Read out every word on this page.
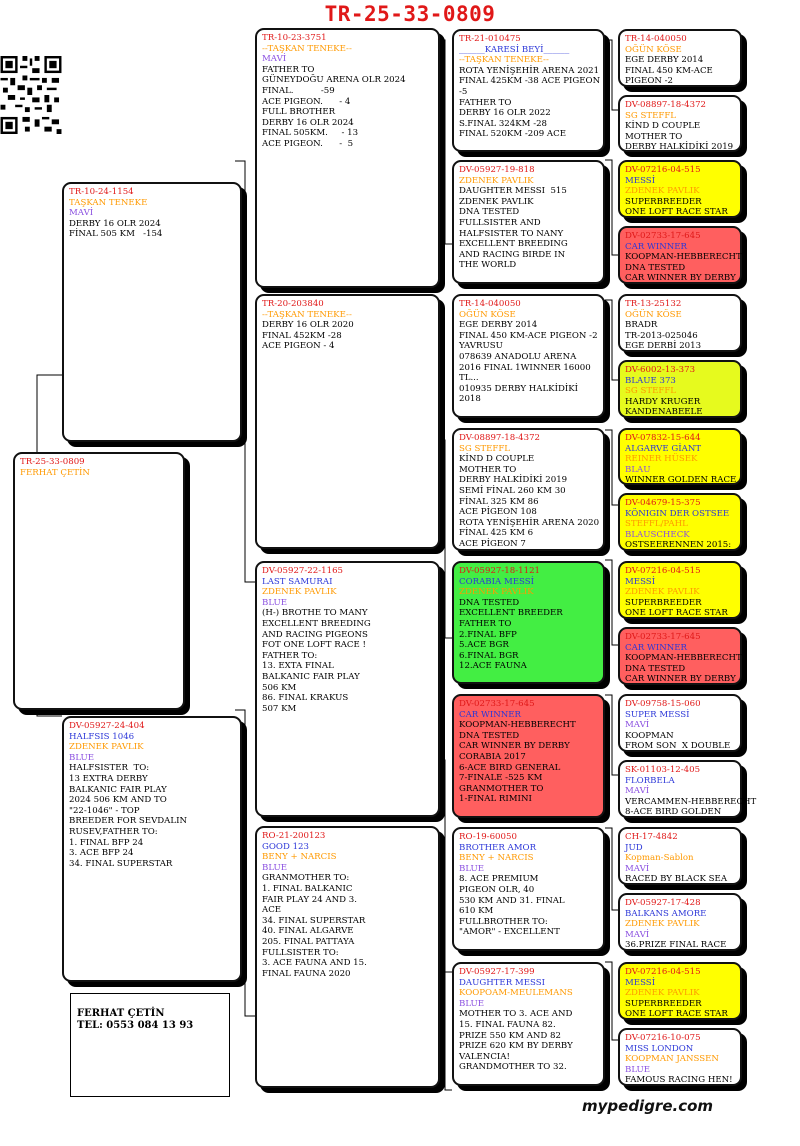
TR-25-33-0809
TR-25-33-0809
FERHAT ÇETİN
TR-10-24-1154
TAŞKAN TENEKE
MAVİ
DERBY 16 OLR 2024
FİNAL 505 KM   -154
DV-05927-24-404
HALFSIS 1046
ZDENEK PAVLIK
BLUE
HALFSISTER  TO:
13 EXTRA DERBY
BALKANIC FAIR PLAY
2024 506 KM AND TO
"22-1046" - TOP
BREEDER FOR SEVDALIN
RUSEV,FATHER TO:
1. FINAL BFP 24
3. ACE BFP 24
34. FINAL SUPERSTAR
TR-10-23-3751
--TAŞKAN TENEKE--
MAVİ
FATHER TO
GÜNEYDOĞU ARENA OLR 2024
FINAL.          -59
ACE PIGEON.      - 4
FULL BROTHER
DERBY 16 OLR 2024
FINAL 505KM.     - 13
ACE PIGEON.      -  5
TR-20-203840
--TAŞKAN TENEKE--
DERBY 16 OLR 2020
FINAL 452KM -28
ACE PIGEON - 4
DV-05927-22-1165
LAST SAMURAI
ZDENEK PAVLIK
BLUE
(H-) BROTHE TO MANY
EXCELLENT BREEDING
AND RACING PIGEONS
FOT ONE LOFT RACE !
FATHER TO:
13. EXTA FINAL
BALKANIC FAIR PLAY
506 KM
86. FINAL KRAKUS
507 KM
RO-21-200123
GOOD 123
BENY + NARCIS
BLUE
GRANMOTHER TO:
1. FINAL BALKANIC
FAIR PLAY 24 AND 3.
ACE
34. FINAL SUPERSTAR
40. FINAL ALGARVE
205. FINAL PATTAYA
FULLSISTER TO:
3. ACE FAUNA AND 15.
FINAL FAUNA 2020
TR-21-010475
______KARESİ BEYİ______
--TAŞKAN TENEKE--
ROTA YENİŞEHİR ARENA 2021
FINAL 425KM -38 ACE PIGEON
-5
FATHER TO
DERBY 16 OLR 2022
S.FINAL 324KM -28
FINAL 520KM -209 ACE
DV-05927-19-818
ZDENEK PAVLIK
DAUGHTER MESSI  515
ZDENEK PAVLIK
DNA TESTED
FULLSISTER AND
HALFSISTER TO NANY
EXCELLENT BREEDING
AND RACING BIRDE IN
THE WORLD
TR-14-040050
OĞÜN KÖSE
EGE DERBY 2014
FINAL 450 KM-ACE PIGEON -2
YAVRUSU
078639 ANADOLU ARENA
2016 FINAL 1WINNER 16000
TL...
010935 DERBY HALKİDİKİ
2018
DV-08897-18-4372
SG STEFFL
KİND D COUPLE
MOTHER TO
DERBY HALKİDİKİ 2019
SEMİ FİNAL 260 KM 30
FİNAL 325 KM 86
ACE PİGEON 108
ROTA YENİŞEHİR ARENA 2020
FİNAL 425 KM 6
ACE PİGEON 7
DV-05927-18-1121
CORABIA MESSİ
ZDENEK PAVLIK
DNA TESTED
EXCELLENT BREEDER
FATHER TO
2.FINAL BFP
5.ACE BGR
6.FINAL BGR
12.ACE FAUNA
DV-02733-17-645
CAR WINNER
KOOPMAN-HEBBERECHT
DNA TESTED
CAR WINNER BY DERBY
CORABIA 2017
6-ACE BIRD GENERAL
7-FINALE -525 KM
GRANMOTHER TO
1-FINAL RIMINI
RO-19-60050
BROTHER AMOR
BENY + NARCIS
BLUE
8. ACE PREMIUM
PIGEON OLR, 40
530 KM AND 31. FINAL
610 KM
FULLBROTHER TO:
"AMOR" - EXCELLENT
DV-05927-17-399
DAUGHTER MESSI
KOOPOAM-MEULEMANS
BLUE
MOTHER TO 3. ACE AND
15. FINAL FAUNA 82.
PRIZE 550 KM AND 82
PRIZE 620 KM BY DERBY
VALENCIA!
GRANDMOTHER TO 32.
TR-14-040050
OĞÜN KÖSE
EGE DERBY 2014
FINAL 450 KM-ACE
PIGEON -2
DV-08897-18-4372
SG STEFFL
KİND D COUPLE
MOTHER TO
DERBY HALKİDİKİ 2019
DV-07216-04-515
MESSİ
ZDENEK PAVLIK
SUPERBREEDER
ONE LOFT RACE STAR
DV-02733-17-645
CAR WINNER
KOOPMAN-HEBBERECHT
DNA TESTED
CAR WINNER BY DERBY
TR-13-25132
OĞÜN KÖSE
BRADR
TR-2013-025046
EGE DERBİ 2013
DV-6002-13-373
BLAUE 373
SG STEFFL
HARDY KRUGER
KANDENABEELE
DV-07832-15-644
ALGARVE GİANT
REINER HÜSEK
BLAU
WINNER GOLDEN RACE
DV-04679-15-375
KÖNIGIN DER OSTSEE
STEFFL/PAHL
BLAUSCHECK
OSTSEERENNEN 2015:
DV-07216-04-515
MESSİ
ZDENEK PAVLIK
SUPERBREEDER
ONE LOFT RACE STAR
DV-02733-17-645
CAR WINNER
KOOPMAN-HEBBERECHT
DNA TESTED
CAR WINNER BY DERBY
DV-09758-15-060
SUPER MESSİ
MAVİ
KOOPMAN
FROM SON  X DOUBLE
SK-01103-12-405
FLORBELA
MAVİ
VERCAMMEN-HEBBERECHT
8-ACE BIRD GOLDEN
CH-17-4842
JUD
Kopman-Sablon
MAVİ
RACED BY BLACK SEA
DV-05927-17-428
BALKANS AMORE
ZDENEK PAVLIK
MAVİ
36.PRIZE FINAL RACE
DV-07216-04-515
MESSİ
ZDENEK PAVLIK
SUPERBREEDER
ONE LOFT RACE STAR
DV-07216-10-075
MISS LONDON
KOOPMAN JANSSEN
BLUE
FAMOUS RACING HEN!
FERHAT ÇETİN
TEL: 0553 084 13 93
mypedigre.com
